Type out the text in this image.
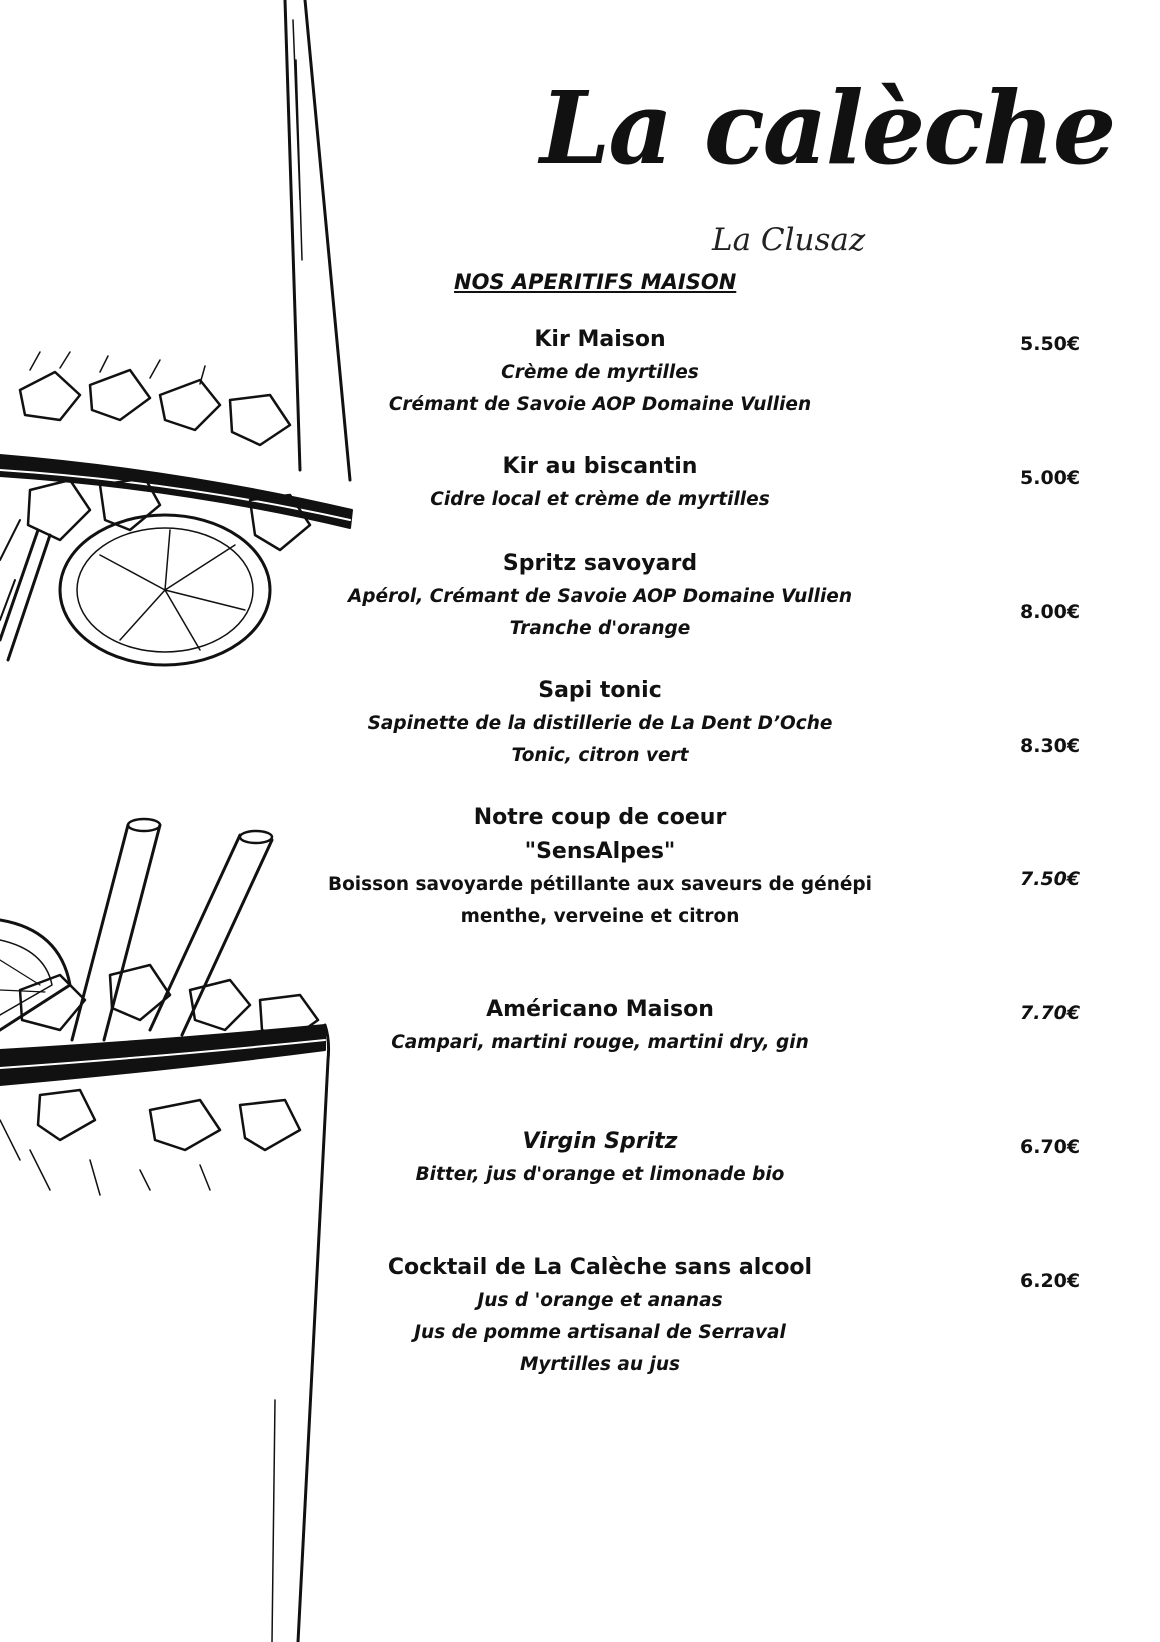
La calèche
La Clusaz
NOS APERITIFS MAISON
Kir Maison
Crème de myrtilles
Crémant de Savoie AOP Domaine Vullien
5.50€
Kir au biscantin
Cidre local et crème de myrtilles
5.00€
Spritz savoyard
Apérol, Crémant de Savoie AOP Domaine Vullien
Tranche d'orange
8.00€
Sapi tonic
Sapinette de la distillerie de La Dent D’Oche
Tonic, citron vert	8.30€
Notre coup de coeur
"SensAlpes"
Boisson savoyarde pétillante aux saveurs de génépi
menthe, verveine et citron
7.50€
Américano Maison
Campari, martini rouge, martini dry, gin
7.70€
Virgin Spritz
Bitter, jus d'orange et limonade bio
6.70€
Cocktail de La Calèche sans alcool
Jus d 'orange et ananas
Jus de pomme artisanal de Serraval
Myrtilles au jus
6.20€
